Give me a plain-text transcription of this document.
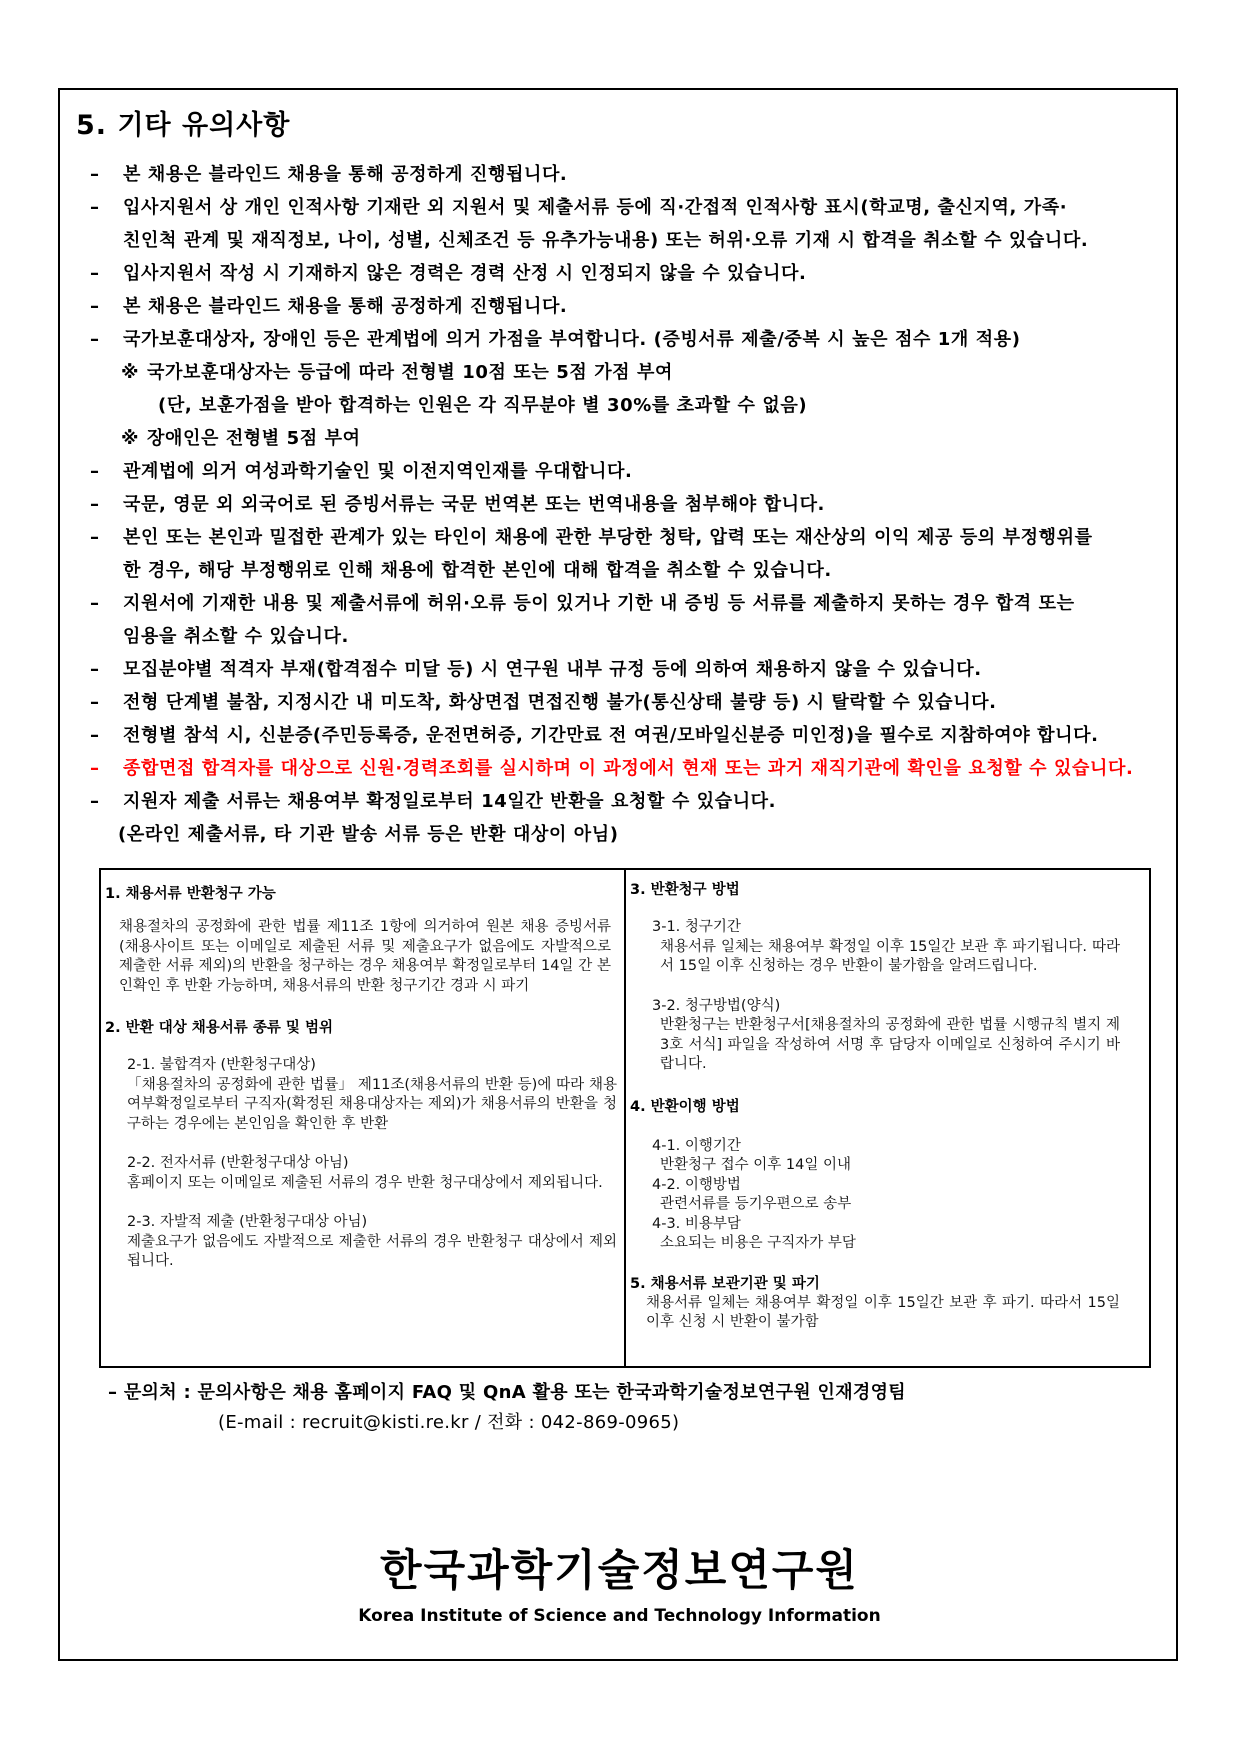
5. 기타 유의사항
– 본 채용은 블라인드 채용을 통해 공정하게 진행됩니다.
– 입사지원서 상 개인 인적사항 기재란 외 지원서 및 제출서류 등에 직·간접적 인적사항 표시(학교명, 출신지역, 가족·
친인척 관계 및 재직정보, 나이, 성별, 신체조건 등 유추가능내용) 또는 허위·오류 기재 시 합격을 취소할 수 있습니다.
– 입사지원서 작성 시 기재하지 않은 경력은 경력 산정 시 인정되지 않을 수 있습니다.
– 본 채용은 블라인드 채용을 통해 공정하게 진행됩니다.
– 국가보훈대상자, 장애인 등은 관계법에 의거 가점을 부여합니다. (증빙서류 제출/중복 시 높은 점수 1개 적용)
※ 국가보훈대상자는 등급에 따라 전형별 10점 또는 5점 가점 부여
(단, 보훈가점을 받아 합격하는 인원은 각 직무분야 별 30%를 초과할 수 없음)
※ 장애인은 전형별 5점 부여
– 관계법에 의거 여성과학기술인 및 이전지역인재를 우대합니다.
– 국문, 영문 외 외국어로 된 증빙서류는 국문 번역본 또는 번역내용을 첨부해야 합니다.
– 본인 또는 본인과 밀접한 관계가 있는 타인이 채용에 관한 부당한 청탁, 압력 또는 재산상의 이익 제공 등의 부정행위를
한 경우, 해당 부정행위로 인해 채용에 합격한 본인에 대해 합격을 취소할 수 있습니다.
– 지원서에 기재한 내용 및 제출서류에 허위·오류 등이 있거나 기한 내 증빙 등 서류를 제출하지 못하는 경우 합격 또는
임용을 취소할 수 있습니다.
– 모집분야별 적격자 부재(합격점수 미달 등) 시 연구원 내부 규정 등에 의하여 채용하지 않을 수 있습니다.
– 전형 단계별 불참, 지정시간 내 미도착, 화상면접 면접진행 불가(통신상태 불량 등) 시 탈락할 수 있습니다.
– 전형별 참석 시, 신분증(주민등록증, 운전면허증, 기간만료 전 여권/모바일신분증 미인정)을 필수로 지참하여야 합니다.
– 종합면접 합격자를 대상으로 신원·경력조회를 실시하며 이 과정에서 현재 또는 과거 재직기관에 확인을 요청할 수 있습니다.
– 지원자 제출 서류는 채용여부 확정일로부터 14일간 반환을 요청할 수 있습니다.
(온라인 제출서류, 타 기관 발송 서류 등은 반환 대상이 아님)

1. 채용서류 반환청구 가능

채용절차의 공정화에 관한 법률 제11조 1항에 의거하여 원본 채용 증빙서류(채용사이트 또는 이메일로 제출된 서류 및 제출요구가 없음에도 자발적으로 제출한 서류 제외)의 반환을 청구하는 경우 채용여부 확정일로부터 14일 간 본인확인 후 반환 가능하며, 채용서류의 반환 청구기간 경과 시 파기

2. 반환 대상 채용서류 종류 및 범위

2-1. 불합격자 (반환청구대상)

「채용절차의 공정화에 관한 법률」 제11조(채용서류의 반환 등)에 따라 채용여부확정일로부터 구직자(확정된 채용대상자는 제외)가 채용서류의 반환을 청구하는 경우에는 본인임을 확인한 후 반환

2-2. 전자서류 (반환청구대상 아님)

홈페이지 또는 이메일로 제출된 서류의 경우 반환 청구대상에서 제외됩니다.

2-3. 자발적 제출 (반환청구대상 아님)

제출요구가 없음에도 자발적으로 제출한 서류의 경우 반환청구 대상에서 제외됩니다.

3. 반환청구 방법

3-1. 청구기간

채용서류 일체는 채용여부 확정일 이후 15일간 보관 후 파기됩니다. 따라서 15일 이후 신청하는 경우 반환이 불가함을 알려드립니다.

3-2. 청구방법(양식)

반환청구는 반환청구서[채용절차의 공정화에 관한 법률 시행규칙 별지 제3호 서식] 파일을 작성하여 서명 후 담당자 이메일로 신청하여 주시기 바랍니다.

4. 반환이행 방법

4-1. 이행기간

반환청구 접수 이후 14일 이내

4-2. 이행방법

관련서류를 등기우편으로 송부

4-3. 비용부담

소요되는 비용은 구직자가 부담

5. 채용서류 보관기관 및 파기

채용서류 일체는 채용여부 확정일 이후 15일간 보관 후 파기. 따라서 15일 이후 신청 시 반환이 불가함

– 문의처 : 문의사항은 채용 홈페이지 FAQ 및 QnA 활용 또는 한국과학기술정보연구원 인재경영팀
(E-mail : recruit@kisti.re.kr / 전화 : 042-869-0965)
한국과학기술정보연구원
Korea Institute of Science and Technology Information
